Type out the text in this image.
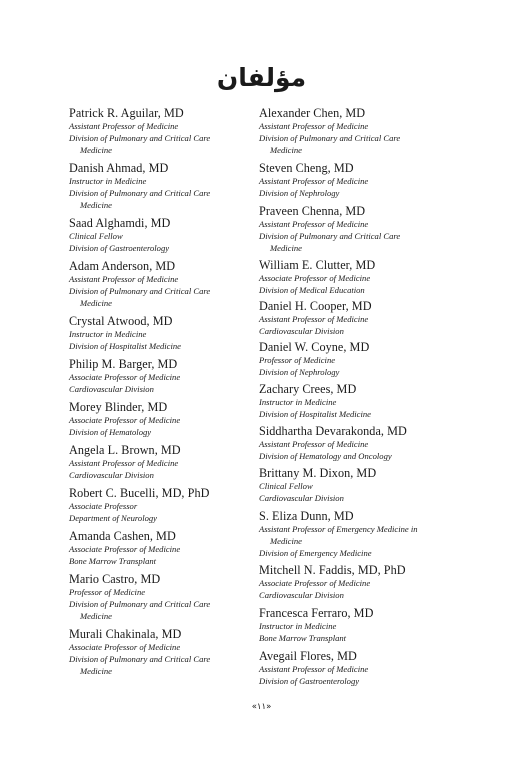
مؤلفان
Patrick R. Aguilar, MD
Assistant Professor of Medicine
Division of Pulmonary and Critical Care
Medicine
Danish Ahmad, MD
Instructor in Medicine
Division of Pulmonary and Critical Care
Medicine
Saad Alghamdi, MD
Clinical Fellow
Division of Gastroenterology
Adam Anderson, MD
Assistant Professor of Medicine
Division of Pulmonary and Critical Care
Medicine
Crystal Atwood, MD
Instructor in Medicine
Division of Hospitalist Medicine
Philip M. Barger, MD
Associate Professor of Medicine
Cardiovascular Division
Morey Blinder, MD
Associate Professor of Medicine
Division of Hematology
Angela L. Brown, MD
Assistant Professor of Medicine
Cardiovascular Division
Robert C. Bucelli, MD, PhD
Associate Professor
Department of Neurology
Amanda Cashen, MD
Associate Professor of Medicine
Bone Marrow Transplant
Mario Castro, MD
Professor of Medicine
Division of Pulmonary and Critical Care
Medicine
Murali Chakinala, MD
Associate Professor of Medicine
Division of Pulmonary and Critical Care
Medicine
Alexander Chen, MD
Assistant Professor of Medicine
Division of Pulmonary and Critical Care
Medicine
Steven Cheng, MD
Assistant Professor of Medicine
Division of Nephrology
Praveen Chenna, MD
Assistant Professor of Medicine
Division of Pulmonary and Critical Care
Medicine
William E. Clutter, MD
Associate Professor of Medicine
Division of Medical Education
Daniel H. Cooper, MD
Assistant Professor of Medicine
Cardiovascular Division
Daniel W. Coyne, MD
Professor of Medicine
Division of Nephrology
Zachary Crees, MD
Instructor in Medicine
Division of Hospitalist Medicine
Siddhartha Devarakonda, MD
Assistant Professor of Medicine
Division of Hematology and Oncology
Brittany M. Dixon, MD
Clinical Fellow
Cardiovascular Division
S. Eliza Dunn, MD
Assistant Professor of Emergency Medicine in
Medicine
Division of Emergency Medicine
Mitchell N. Faddis, MD, PhD
Associate Professor of Medicine
Cardiovascular Division
Francesca Ferraro, MD
Instructor in Medicine
Bone Marrow Transplant
Avegail Flores, MD
Assistant Professor of Medicine
Division of Gastroenterology
«۱۱»
